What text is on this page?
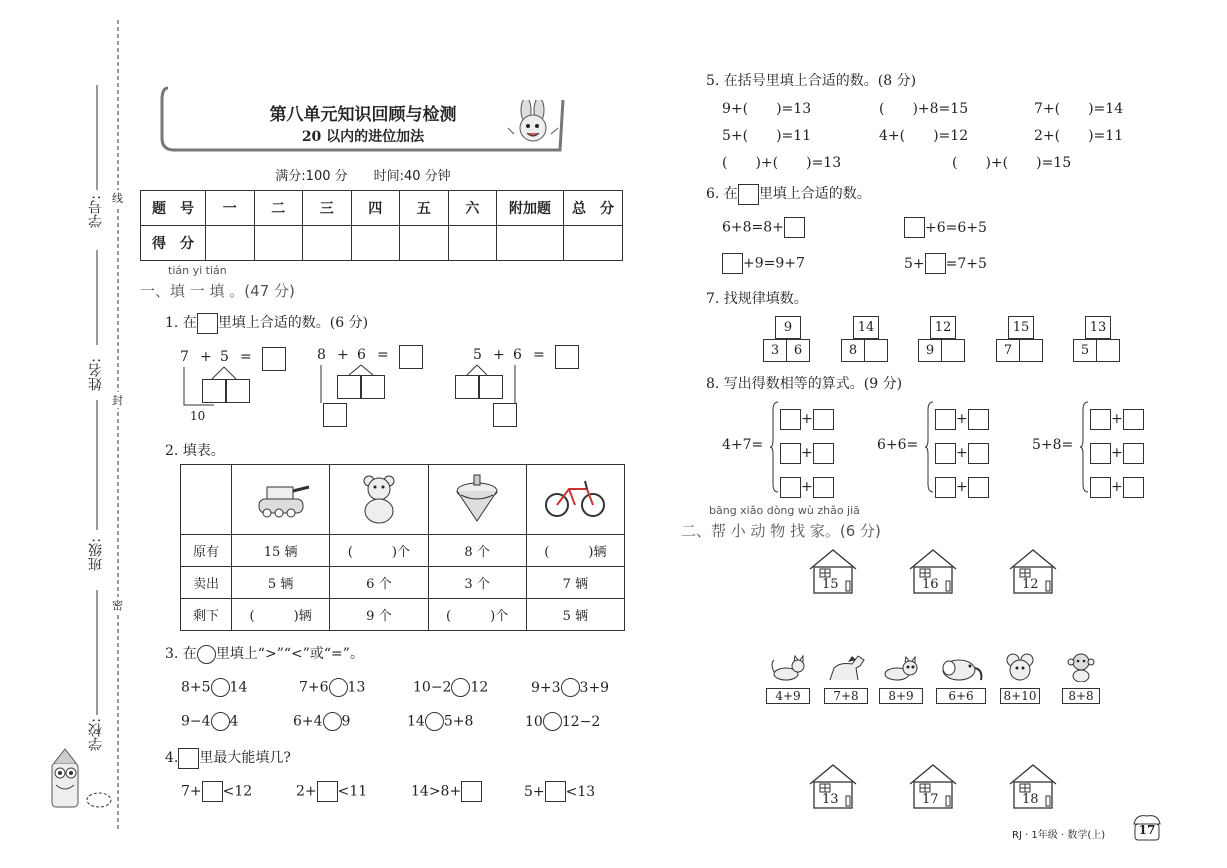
学号:
姓名:
班级:
学校:
线
封
密
第八单元知识回顾与检测
20 以内的进位加法
满分:100 分　　时间:40 分钟
题　号	一	二	三	四	五	六	附加题	总　分
得　分								
tián yi tián
一、填 一 填 。(47 分)
1. 在 里填上合适的数。(6 分)
7 + 5 =
10
8 + 6 =	5 + 6 =
2. 填表。

原有	15 辆	(　　　)个	8 个	(　　　)辆
卖出	5 辆	6 个	3 个	7 辆
剩下	(　　　)辆	9 个	(　　　)个	5 辆
3. 在 里填上“>”“<”或“=”。
8+5 14	7+6 13	10−2 12	9+3 3+9
9−4 4	6+4 9	14 5+8	10 12−2
4. 里最大能填几?
7+ <12	2+ <11	14>8+	5+ <13
5. 在括号里填上合适的数。(8 分)
9+(　　)=13	(　　)+8=15	7+(　　)=14
5+(　　)=11	4+(　　)=12	2+(　　)=11
(　　)+(　　)=13	(　　)+(　　)=15
6. 在 里填上合适的数。
6+8=8+	+6=6+5
+9=9+7	5+ =7+5
7. 找规律填数。
9
3	6
14
8
12
9
15
7
13
5
8. 写出得数相等的算式。(9 分)
4+7=
+
+
+
6+6=
+
+
+
5+8=
+
+
+
bāng xiǎo dòng wù zhǎo jiā
二、帮 小 动 物 找 家。(6 分)
15	16	12
4+9	7+8	8+9	6+6	8+10	8+8
13	17	18
RJ · 1年级 · 数学(上)	17
